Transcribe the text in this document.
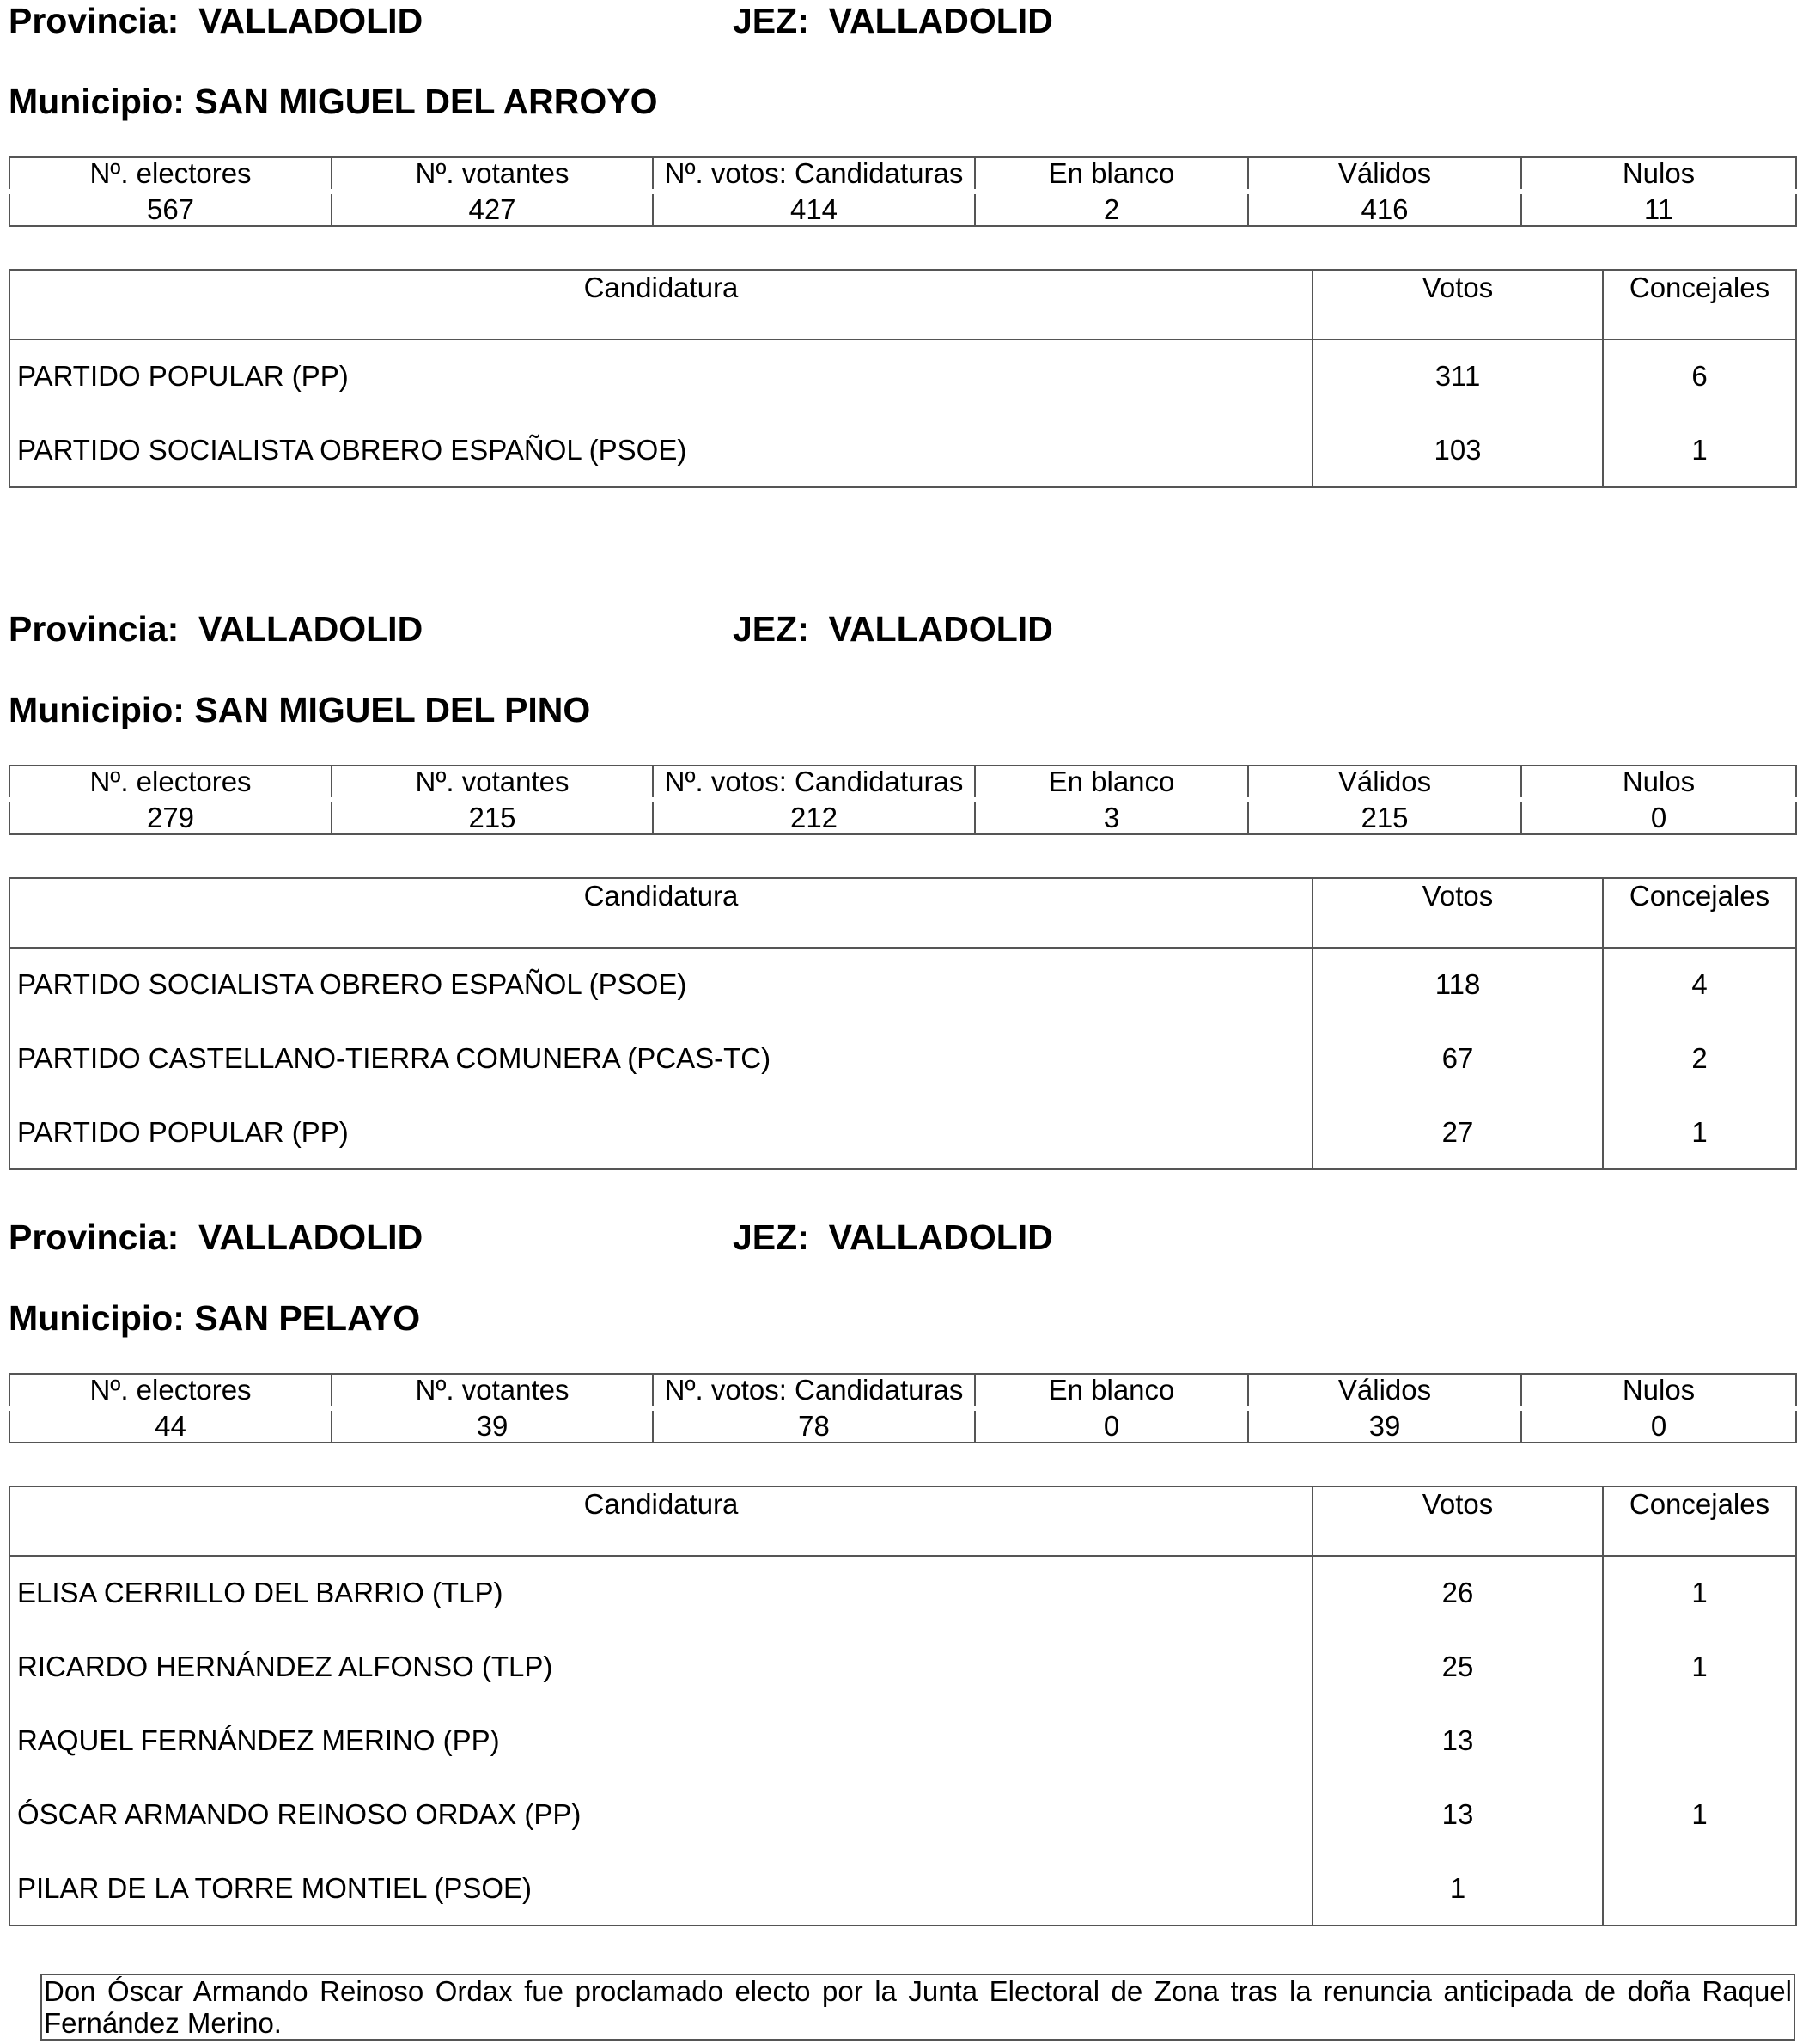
Provincia: VALLADOLID	JEZ: VALLADOLID
Municipio: SAN MIGUEL DEL ARROYO
Nº. electores	Nº. votantes	Nº. votos: Candidaturas	En blanco	Válidos	Nulos
567	427	414	2	416	11
Candidatura	Votos	Concejales
PARTIDO POPULAR (PP)	311	6
PARTIDO SOCIALISTA OBRERO ESPAÑOL (PSOE)	103	1
Provincia: VALLADOLID	JEZ: VALLADOLID
Municipio: SAN MIGUEL DEL PINO
Nº. electores	Nº. votantes	Nº. votos: Candidaturas	En blanco	Válidos	Nulos
279	215	212	3	215	0
Candidatura	Votos	Concejales
PARTIDO SOCIALISTA OBRERO ESPAÑOL (PSOE)	118	4
PARTIDO CASTELLANO-TIERRA COMUNERA (PCAS-TC)	67	2
PARTIDO POPULAR (PP)	27	1
Provincia: VALLADOLID	JEZ: VALLADOLID
Municipio: SAN PELAYO
Nº. electores	Nº. votantes	Nº. votos: Candidaturas	En blanco	Válidos	Nulos
44	39	78	0	39	0
Candidatura	Votos	Concejales
ELISA CERRILLO DEL BARRIO (TLP)	26	1
RICARDO HERNÁNDEZ ALFONSO (TLP)	25	1
RAQUEL FERNÁNDEZ MERINO (PP)	13	
ÓSCAR ARMANDO REINOSO ORDAX (PP)	13	1
PILAR DE LA TORRE MONTIEL (PSOE)	1	
Don Óscar Armando Reinoso Ordax fue proclamado electo por la Junta Electoral de Zona tras la renuncia anticipada de doña Raquel
Fernández Merino.
